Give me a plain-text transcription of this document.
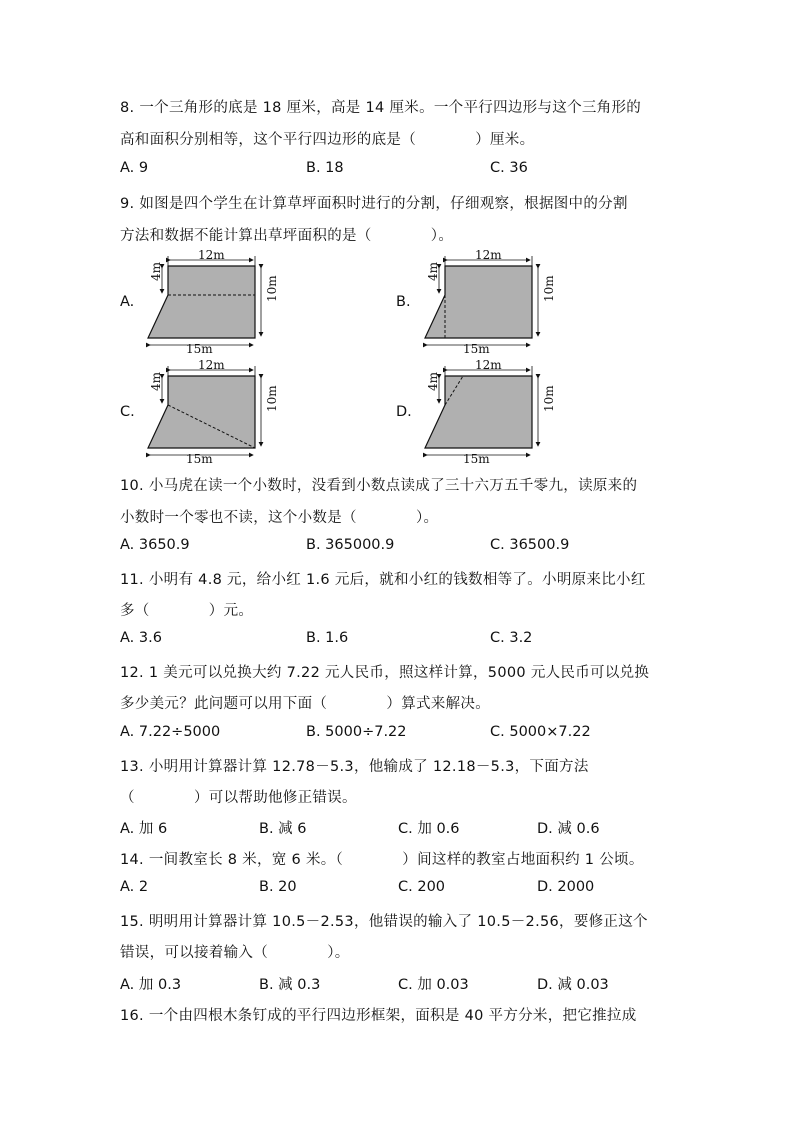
8. 一个三角形的底是 18 厘米，高是 14 厘米。一个平行四边形与这个三角形的
高和面积分别相等，这个平行四边形的底是（　　　　）厘米。
A. 9	B. 18	C. 36
9. 如图是四个学生在计算草坪面积时进行的分割，仔细观察，根据图中的分割
方法和数据不能计算出草坪面积的是（　　　　）。
A.
12m
4m
10m
15m
B.
12m
4m
10m
15m
C.
12m
4m
10m
15m
D.
12m
4m
10m
15m
10. 小马虎在读一个小数时，没看到小数点读成了三十六万五千零九，读原来的
小数时一个零也不读，这个小数是（　　　　）。
A. 3650.9	B. 365000.9	C. 36500.9
11. 小明有 4.8 元，给小红 1.6 元后，就和小红的钱数相等了。小明原来比小红
多（　　　　）元。
A. 3.6	B. 1.6	C. 3.2
12. 1 美元可以兑换大约 7.22 元人民币，照这样计算，5000 元人民币可以兑换
多少美元？此问题可以用下面（　　　　）算式来解决。
A. 7.22÷5000	B. 5000÷7.22	C. 5000×7.22
13. 小明用计算器计算 12.78－5.3，他输成了 12.18－5.3，下面方法
（　　　　）可以帮助他修正错误。
A. 加 6	B. 减 6	C. 加 0.6	D. 减 0.6
14. 一间教室长 8 米，宽 6 米。（　　　　）间这样的教室占地面积约 1 公顷。
A. 2	B. 20	C. 200	D. 2000
15. 明明用计算器计算 10.5－2.53，他错误的输入了 10.5－2.56，要修正这个
错误，可以接着输入（　　　　）。
A. 加 0.3	B. 减 0.3	C. 加 0.03	D. 减 0.03
16. 一个由四根木条钉成的平行四边形框架，面积是 40 平方分米，把它推拉成
